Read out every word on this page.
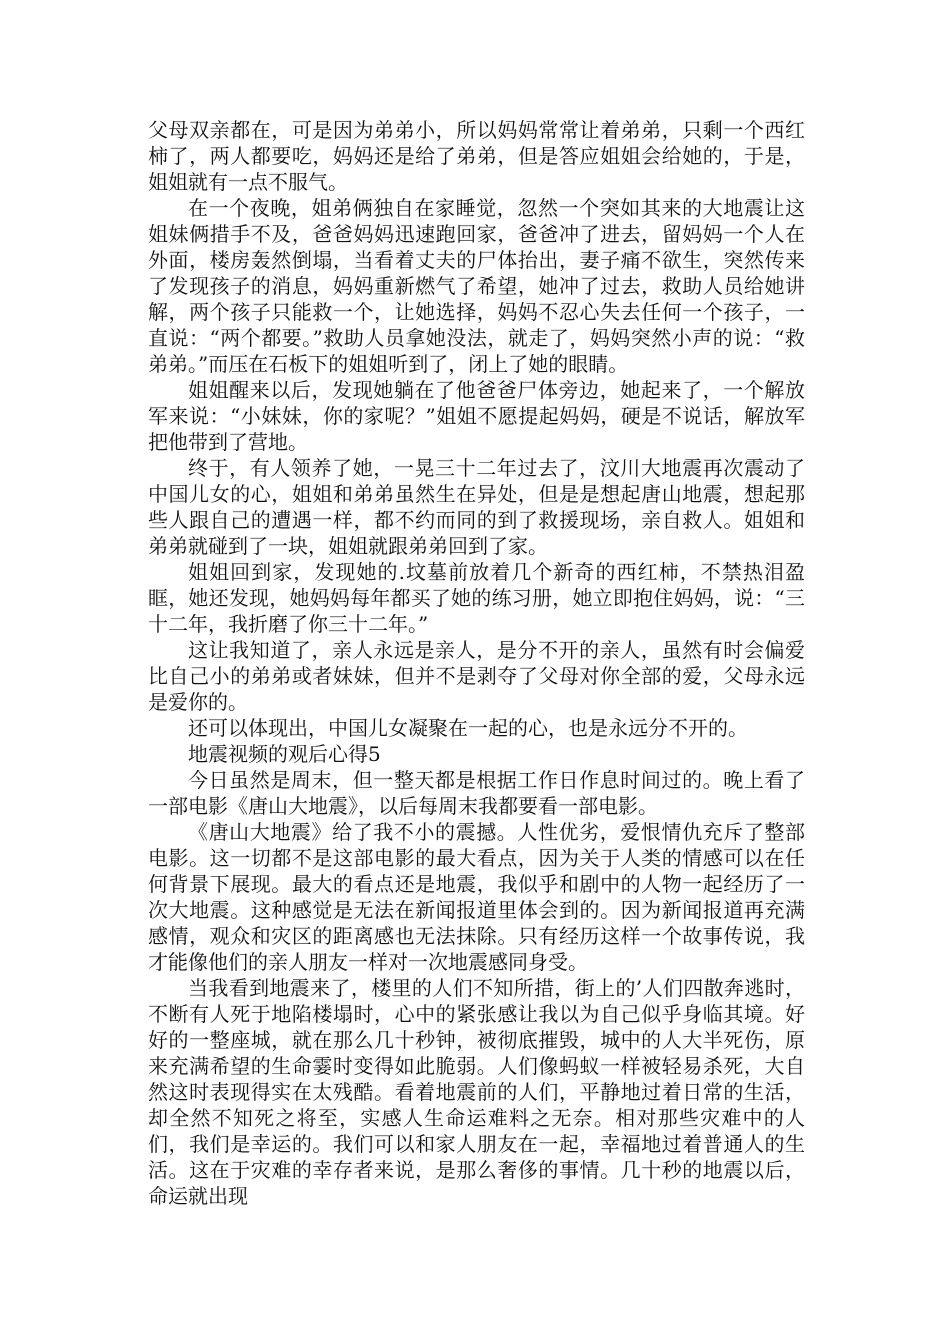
父母双亲都在，可是因为弟弟小，所以妈妈常常让着弟弟，只剩一个西红柿了，两人都要吃，妈妈还是给了弟弟，但是答应姐姐会给她的，于是，姐姐就有一点不服气。

在一个夜晚，姐弟俩独自在家睡觉，忽然一个突如其来的大地震让这姐妹俩措手不及，爸爸妈妈迅速跑回家，爸爸冲了进去，留妈妈一个人在外面，楼房轰然倒塌，当看着丈夫的尸体抬出，妻子痛不欲生，突然传来了发现孩子的消息，妈妈重新燃气了希望，她冲了过去，救助人员给她讲解，两个孩子只能救一个，让她选择，妈妈不忍心失去任何一个孩子，一直说：“两个都要。”救助人员拿她没法，就走了，妈妈突然小声的说：“救弟弟。”而压在石板下的姐姐听到了，闭上了她的眼睛。

姐姐醒来以后，发现她躺在了他爸爸尸体旁边，她起来了，一个解放军来说：“小妹妹，你的家呢？”姐姐不愿提起妈妈，硬是不说话，解放军把他带到了营地。

终于，有人领养了她，一晃三十二年过去了，汶川大地震再次震动了中国儿女的心，姐姐和弟弟虽然生在异处，但是是想起唐山地震，想起那些人跟自己的遭遇一样，都不约而同的到了救援现场，亲自救人。姐姐和弟弟就碰到了一块，姐姐就跟弟弟回到了家。

姐姐回到家，发现她的.坟墓前放着几个新奇的西红柿，不禁热泪盈眶，她还发现，她妈妈每年都买了她的练习册，她立即抱住妈妈，说：“三十二年，我折磨了你三十二年。”

这让我知道了，亲人永远是亲人，是分不开的亲人，虽然有时会偏爱比自己小的弟弟或者妹妹，但并不是剥夺了父母对你全部的爱，父母永远是爱你的。

还可以体现出，中国儿女凝聚在一起的心，也是永远分不开的。

地震视频的观后心得5

今日虽然是周末，但一整天都是根据工作日作息时间过的。晚上看了一部电影《唐山大地震》，以后每周末我都要看一部电影。

《唐山大地震》给了我不小的震撼。人性优劣，爱恨情仇充斥了整部电影。这一切都不是这部电影的最大看点，因为关于人类的情感可以在任何背景下展现。最大的看点还是地震，我似乎和剧中的人物一起经历了一次大地震。这种感觉是无法在新闻报道里体会到的。因为新闻报道再充满感情，观众和灾区的距离感也无法抹除。只有经历这样一个故事传说，我才能像他们的亲人朋友一样对一次地震感同身受。

当我看到地震来了，楼里的人们不知所措，街上的’人们四散奔逃时，不断有人死于地陷楼塌时，心中的紧张感让我以为自己似乎身临其境。好好的一整座城，就在那么几十秒钟，被彻底摧毁，城中的人大半死伤，原来充满希望的生命霎时变得如此脆弱。人们像蚂蚁一样被轻易杀死，大自然这时表现得实在太残酷。看着地震前的人们，平静地过着日常的生活，却全然不知死之将至，实感人生命运难料之无奈。相对那些灾难中的人们，我们是幸运的。我们可以和家人朋友在一起，幸福地过着普通人的生活。这在于灾难的幸存者来说，是那么奢侈的事情。几十秒的地震以后，命运就出现
